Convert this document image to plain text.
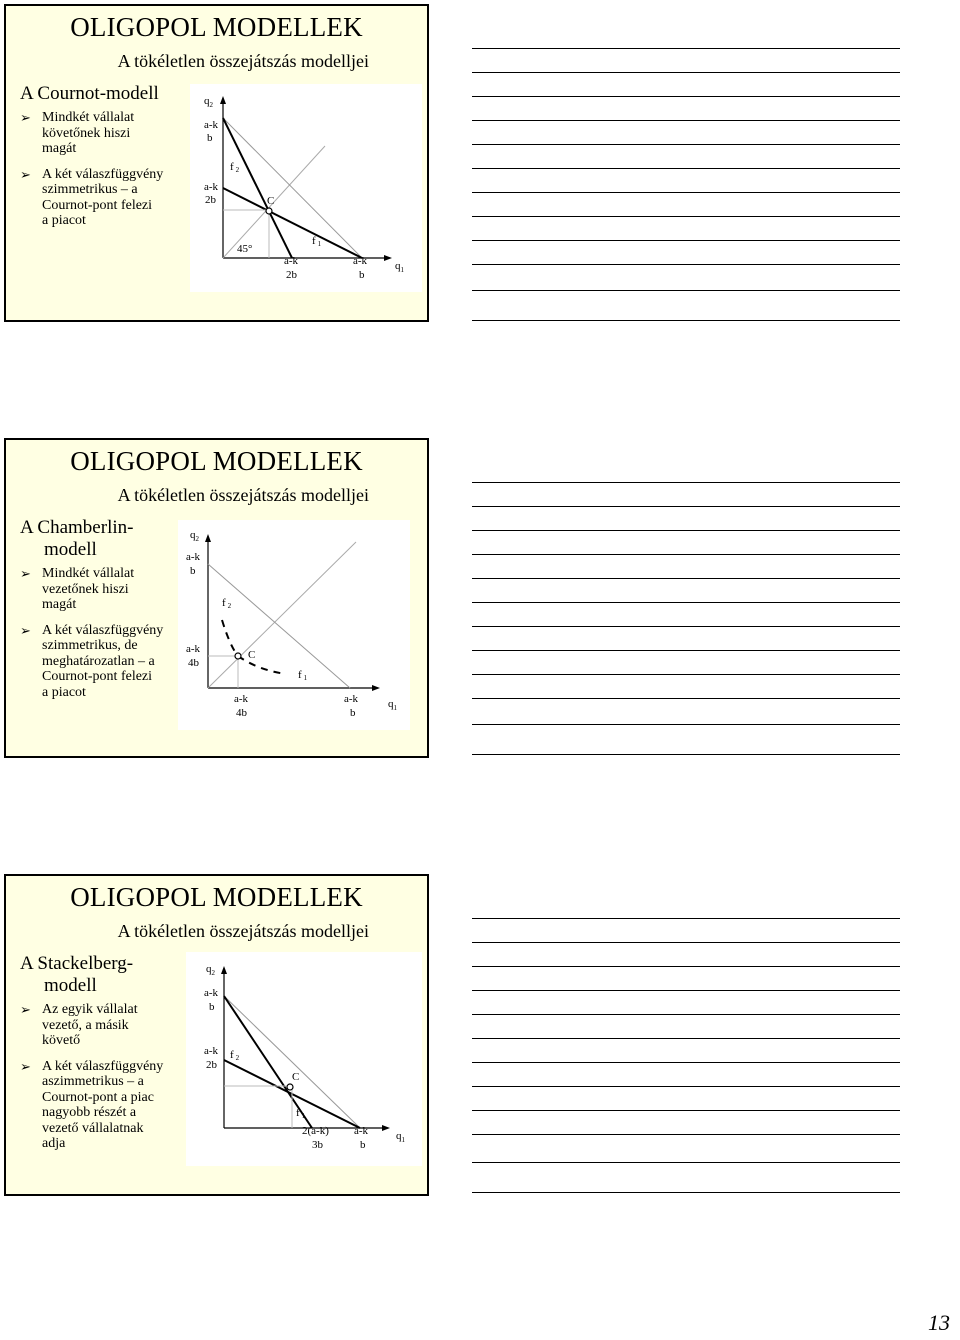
OLIGOPOL MODELLEK
A tökéletlen összejátszás modelljei
A Cournot-modell
➢ Mindkét vállalat
követőnek hiszi
magát
➢ A két válaszfüggvény
szimmetrikus – a
Cournot-pont felezi
a piacot
$q_2$
a-k
b
a-k
2b
f 2
C
45°
f 1
a-k
2b
a-k
b
$q_1$
OLIGOPOL MODELLEK
A tökéletlen összejátszás modelljei
A Chamberlin-
modell
➢ Mindkét vállalat
vezetőnek hiszi
magát
➢ A két válaszfüggvény
szimmetrikus, de
meghatározatlan – a
Cournot-pont felezi
a piacot
$q_2$
a-k
b
a-k
4b
f 2
C
f 1
a-k
4b
a-k
b
$q_1$
OLIGOPOL MODELLEK
A tökéletlen összejátszás modelljei
A Stackelberg-
modell
➢ Az egyik vállalat
vezető, a másik
követő
➢ A két válaszfüggvény
aszimmetrikus – a
Cournot-pont a piac
nagyobb részét a
vezető vállalatnak
adja
$q_2$
a-k
b
a-k
2b
f 2
C
f 1
2(a-k)
3b
a-k
b
$q_1$
13
